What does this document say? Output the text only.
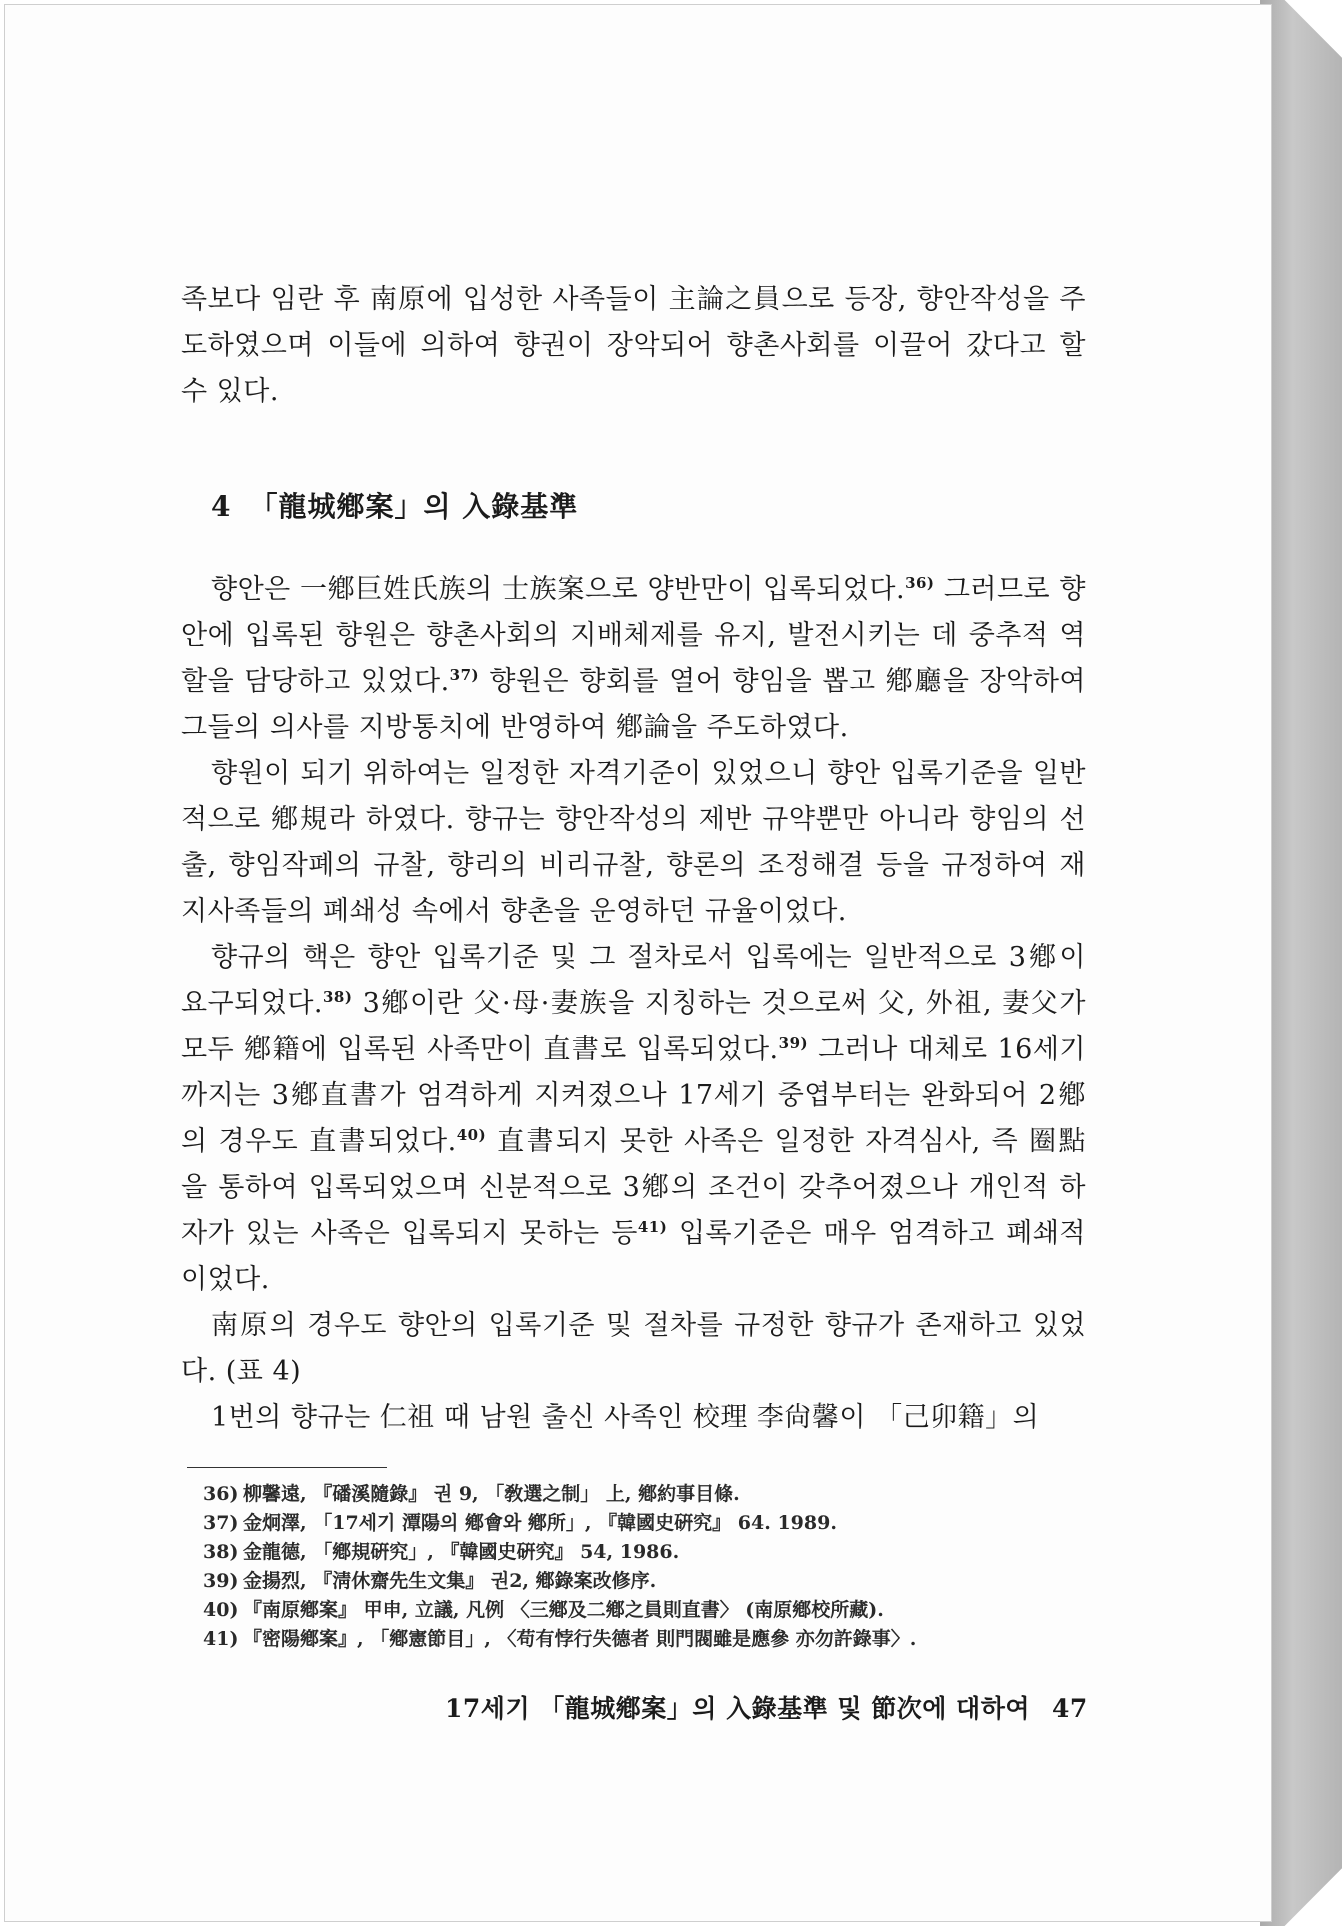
족보다 임란 후 南原에 입성한 사족들이 主論之員으로 등장, 향안작성을 주도하였으며 이들에 의하여 향권이 장악되어 향촌사회를 이끌어 갔다고 할 수 있다.

4 「龍城鄕案」의 入錄基準

향안은 一鄕巨姓氏族의 士族案으로 양반만이 입록되었다.$^{36)}$ 그러므로 향안에 입록된 향원은 향촌사회의 지배체제를 유지, 발전시키는 데 중추적 역할을 담당하고 있었다.$^{37)}$ 향원은 향회를 열어 향임을 뽑고 鄕廳을 장악하여 그들의 의사를 지방통치에 반영하여 鄕論을 주도하였다.

향원이 되기 위하여는 일정한 자격기준이 있었으니 향안 입록기준을 일반적으로 鄕規라 하였다. 향규는 향안작성의 제반 규약뿐만 아니라 향임의 선출, 향임작폐의 규찰, 향리의 비리규찰, 향론의 조정해결 등을 규정하여 재지사족들의 폐쇄성 속에서 향촌을 운영하던 규율이었다.

향규의 핵은 향안 입록기준 및 그 절차로서 입록에는 일반적으로 3鄕이 요구되었다.$^{38)}$ 3鄕이란 父·母·妻族을 지칭하는 것으로써 父, 外祖, 妻父가 모두 鄕籍에 입록된 사족만이 直書로 입록되었다.$^{39)}$ 그러나 대체로 16세기까지는 3鄕直書가 엄격하게 지켜졌으나 17세기 중엽부터는 완화되어 2鄕의 경우도 直書되었다.$^{40)}$ 直書되지 못한 사족은 일정한 자격심사, 즉 圈點을 통하여 입록되었으며 신분적으로 3鄕의 조건이 갖추어졌으나 개인적 하자가 있는 사족은 입록되지 못하는 등$^{41)}$ 입록기준은 매우 엄격하고 폐쇄적이었다.

南原의 경우도 향안의 입록기준 및 절차를 규정한 향규가 존재하고 있었다. (표 4)

1번의 향규는 仁祖 때 남원 출신 사족인 校理 李尙馨이 「己卯籍」의

36) 柳馨遠, 『磻溪隨錄』 권 9, 「敎選之制」 上, 鄕約事目條.
37) 金炯澤, 「17세기 潭陽의 鄕會와 鄕所」, 『韓國史硏究』 64. 1989.
38) 金龍德, 「鄕規硏究」, 『韓國史硏究』 54, 1986.
39) 金揚烈, 『淸休齋先生文集』 권2, 鄕錄案改修序.
40) 『南原鄕案』 甲申, 立議, 凡例 〈三鄕及二鄕之員則直書〉 (南原鄕校所藏).
41) 『密陽鄕案』, 「鄕憲節目」, 〈苟有悖行失德者 則門閥雖是應參 亦勿許錄事〉.
17세기 「龍城鄕案」의 入錄基準 및 節次에 대하여 47
